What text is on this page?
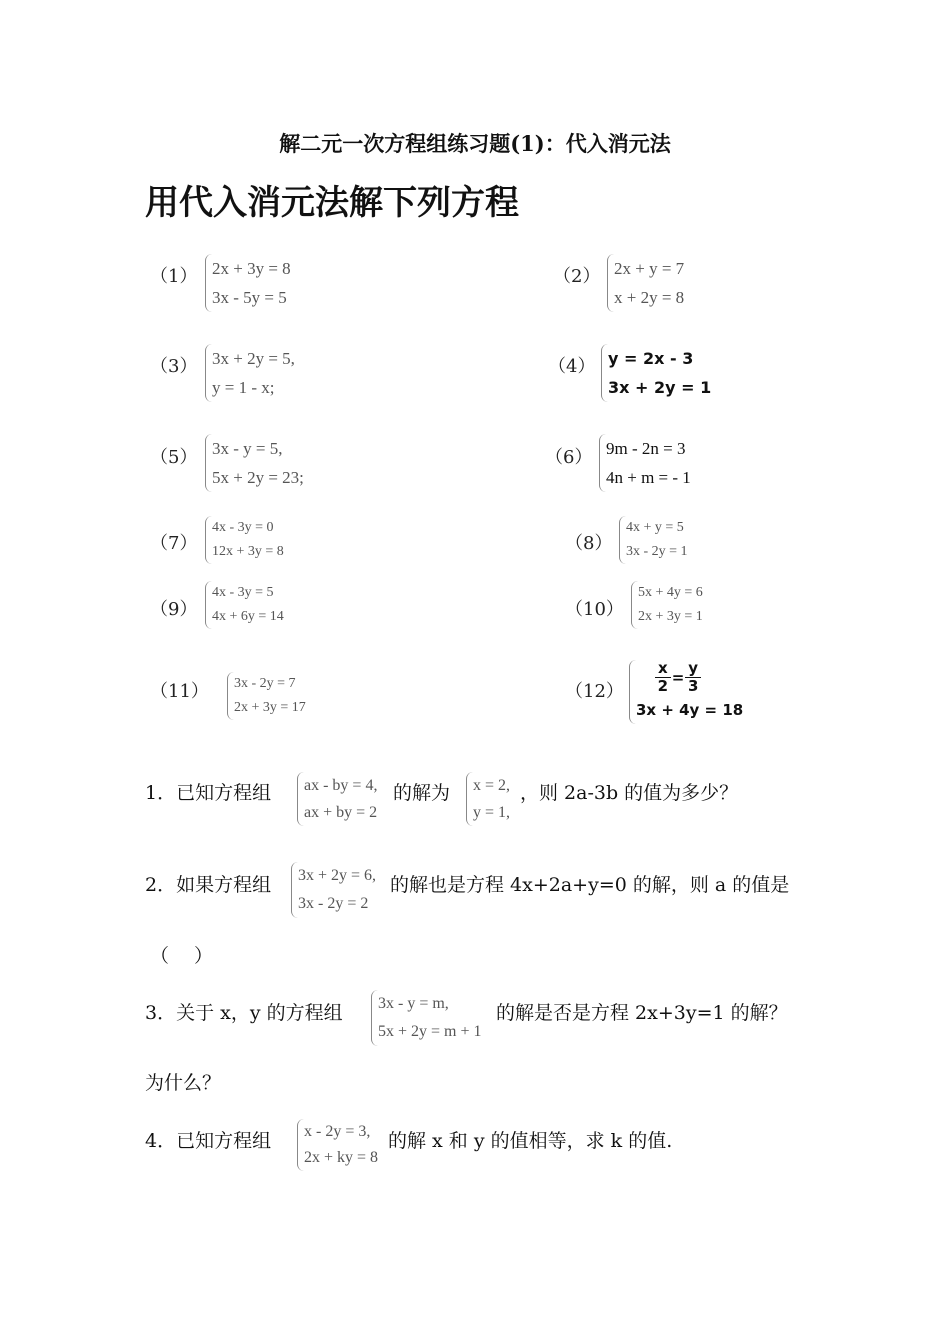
解二元一次方程组练习题(1)：代入消元法
用代入消元法解下列方程
（1） 2x + 3y = 8
3x - 5y = 5
（2） 2x + y = 7
x + 2y = 8
（3） 3x + 2y = 5,
y = 1 - x;
（4） y = 2x - 3
3x + 2y = 1
（5） 3x - y = 5,
5x + 2y = 23;
（6） 9m - 2n = 3
4n + m = - 1
（7）
4x - 3y = 0
12x + 3y = 8	（8）
4x + y = 5
3x - 2y = 1
（9）
4x - 3y = 5
4x + 6y = 14	（10）
5x + 4y = 6
2x + 3y = 1
（11） 3x - 2y = 7
2x + 3y = 17
$(12) \frac{x}{2} = \frac{y}{3}$
3x + 4y = 18
1．已知方程组 ax - by = 4,
ax + by = 2
的解为 x = 2,
y = 1,
，则 2a-3b 的值为多少？
2．如果方程组 3x + 2y = 6,
3x - 2y = 2
的解也是方程 4x+2a+y=0 的解，则 a 的值是
（　 ）
3．关于 x，y 的方程组 3x - y = m,
5x + 2y = m + 1
的解是否是方程 2x+3y=1 的解？
为什么？
4．已知方程组 x - 2y = 3,
2x + ky = 8
的解 x 和 y 的值相等，求 k 的值.
